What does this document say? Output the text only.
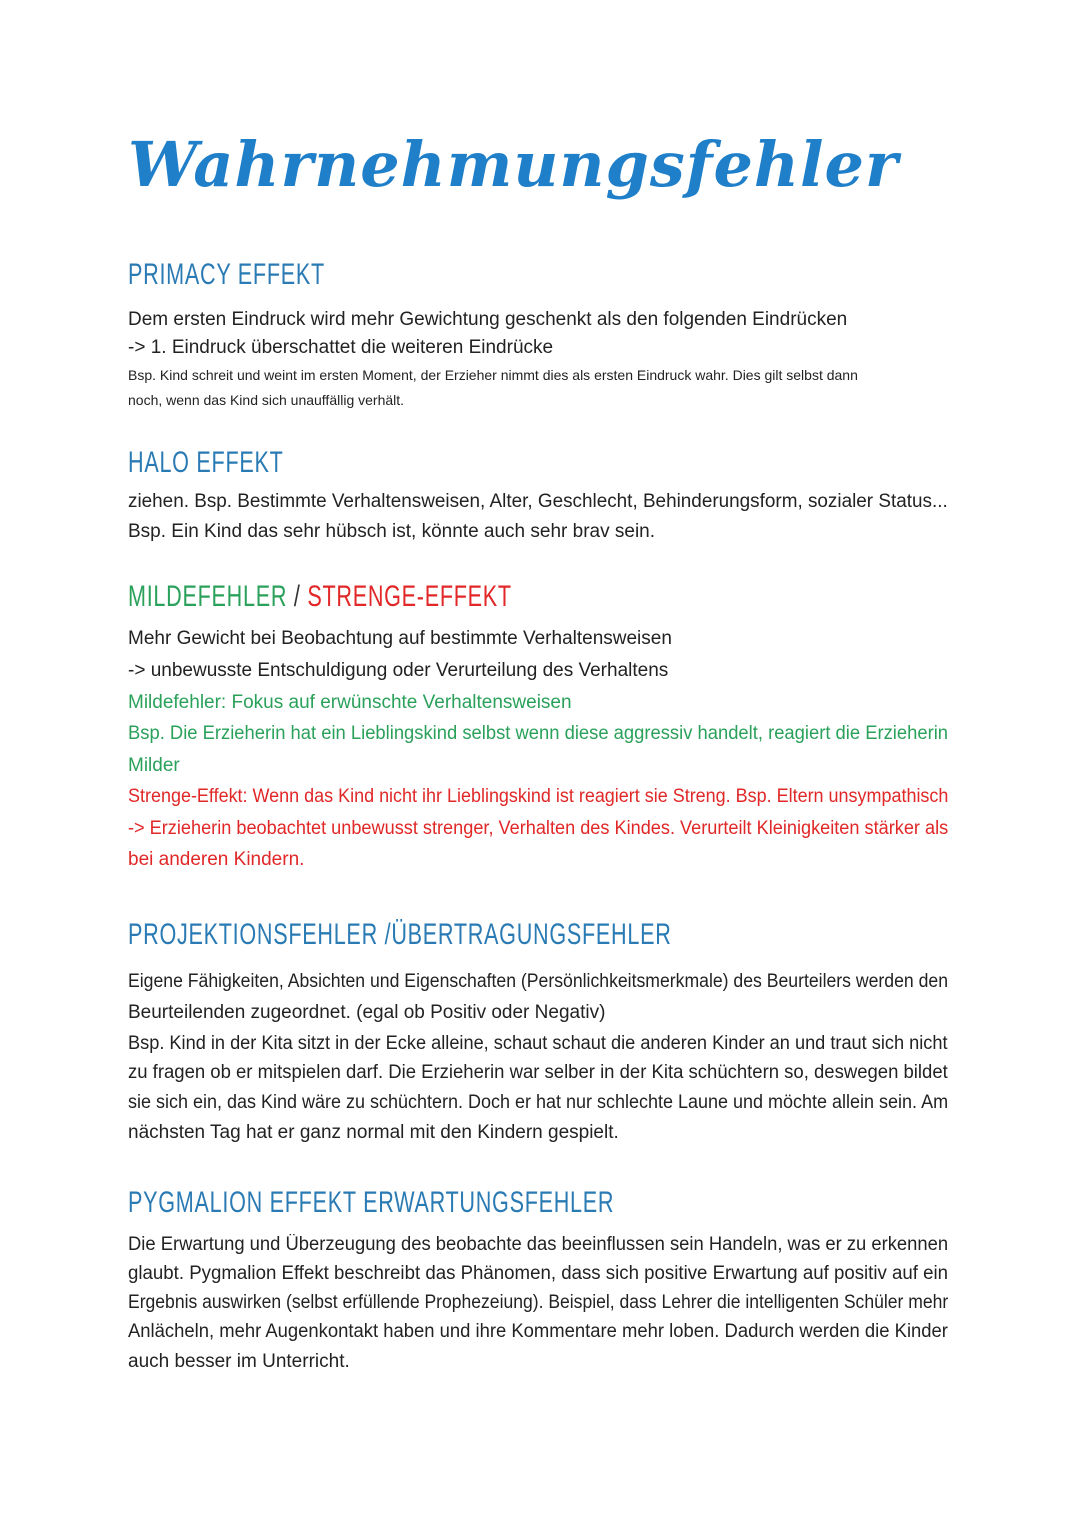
Wahrnehmungsfehler
PRIMACY EFFEKT
Dem ersten Eindruck wird mehr Gewichtung geschenkt als den folgenden Eindrücken
-> 1. Eindruck überschattet die weiteren Eindrücke
Bsp. Kind schreit und weint im ersten Moment, der Erzieher nimmt dies als ersten Eindruck wahr. Dies gilt selbst dann
noch, wenn das Kind sich unauffällig verhält.
HALO EFFEKT
ziehen. Bsp. Bestimmte Verhaltensweisen, Alter, Geschlecht, Behinderungsform, sozialer Status...
Bsp. Ein Kind das sehr hübsch ist, könnte auch sehr brav sein.
MILDEFEHLER / STRENGE-EFFEKT
Mehr Gewicht bei Beobachtung auf bestimmte Verhaltensweisen
-> unbewusste Entschuldigung oder Verurteilung des Verhaltens
Mildefehler: Fokus auf erwünschte Verhaltensweisen
Bsp. Die Erzieherin hat ein Lieblingskind selbst wenn diese aggressiv handelt, reagiert die Erzieherin
Milder
Strenge-Effekt: Wenn das Kind nicht ihr Lieblingskind ist reagiert sie Streng. Bsp. Eltern unsympathisch
-> Erzieherin beobachtet unbewusst strenger, Verhalten des Kindes. Verurteilt Kleinigkeiten stärker als
bei anderen Kindern.
PROJEKTIONSFEHLER /ÜBERTRAGUNGSFEHLER
Eigene Fähigkeiten, Absichten und Eigenschaften (Persönlichkeitsmerkmale) des Beurteilers werden den
Beurteilenden zugeordnet. (egal ob Positiv oder Negativ)
Bsp. Kind in der Kita sitzt in der Ecke alleine, schaut schaut die anderen Kinder an und traut sich nicht
zu fragen ob er mitspielen darf. Die Erzieherin war selber in der Kita schüchtern so, deswegen bildet
sie sich ein, das Kind wäre zu schüchtern. Doch er hat nur schlechte Laune und möchte allein sein. Am
nächsten Tag hat er ganz normal mit den Kindern gespielt.
PYGMALION EFFEKT ERWARTUNGSFEHLER
Die Erwartung und Überzeugung des beobachte das beeinflussen sein Handeln, was er zu erkennen
glaubt. Pygmalion Effekt beschreibt das Phänomen, dass sich positive Erwartung auf positiv auf ein
Ergebnis auswirken (selbst erfüllende Prophezeiung). Beispiel, dass Lehrer die intelligenten Schüler mehr
Anlächeln, mehr Augenkontakt haben und ihre Kommentare mehr loben. Dadurch werden die Kinder
auch besser im Unterricht.
